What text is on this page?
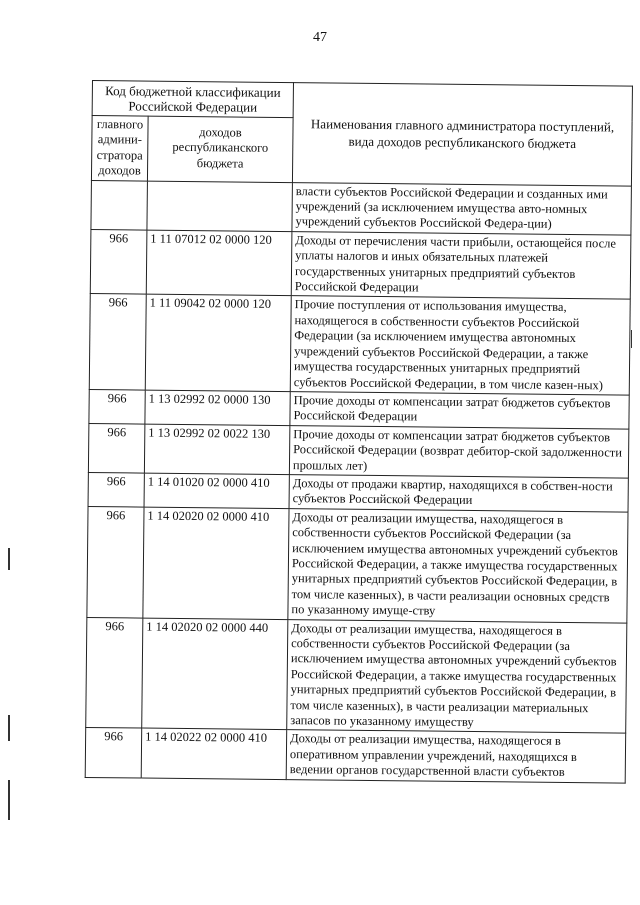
47
Код бюджетной классификации Российской Федерации		Наименования главного администратора поступлений, вида доходов республиканского бюджета
главного админи-стратора доходов	доходов республиканского бюджета	
		власти субъектов Российской Федерации и созданных ими учреждений (за исключением имущества авто-номных учреждений субъектов Российской Федера-ции)
966	1 11 07012 02 0000 120	Доходы от перечисления части прибыли, остающейся после уплаты налогов и иных обязательных платежей государственных унитарных предприятий субъектов Российской Федерации
966	1 11 09042 02 0000 120	Прочие поступления от использования имущества, находящегося в собственности субъектов Российской Федерации (за исключением имущества автономных учреждений субъектов Российской Федерации, а также имущества государственных унитарных предприятий субъектов Российской Федерации, в том числе казен-ных)
966	1 13 02992 02 0000 130	Прочие доходы от компенсации затрат бюджетов субъектов Российской Федерации
966	1 13 02992 02 0022 130	Прочие доходы от компенсации затрат бюджетов субъектов Российской Федерации (возврат дебитор-ской задолженности прошлых лет)
966	1 14 01020 02 0000 410	Доходы от продажи квартир, находящихся в собствен-ности субъектов Российской Федерации
966	1 14 02020 02 0000 410	Доходы от реализации имущества, находящегося в собственности субъектов Российской Федерации (за исключением имущества автономных учреждений субъектов Российской Федерации, а также имущества государственных унитарных предприятий субъектов Российской Федерации, в том числе казенных), в части реализации основных средств по указанному имуще-ству
966	1 14 02020 02 0000 440	Доходы от реализации имущества, находящегося в собственности субъектов Российской Федерации (за исключением имущества автономных учреждений субъектов Российской Федерации, а также имущества государственных унитарных предприятий субъектов Российской Федерации, в том числе казенных), в части реализации материальных запасов по указанному имуществу
966	1 14 02022 02 0000 410	Доходы от реализации имущества, находящегося в оперативном управлении учреждений, находящихся в ведении органов государственной власти субъектов
